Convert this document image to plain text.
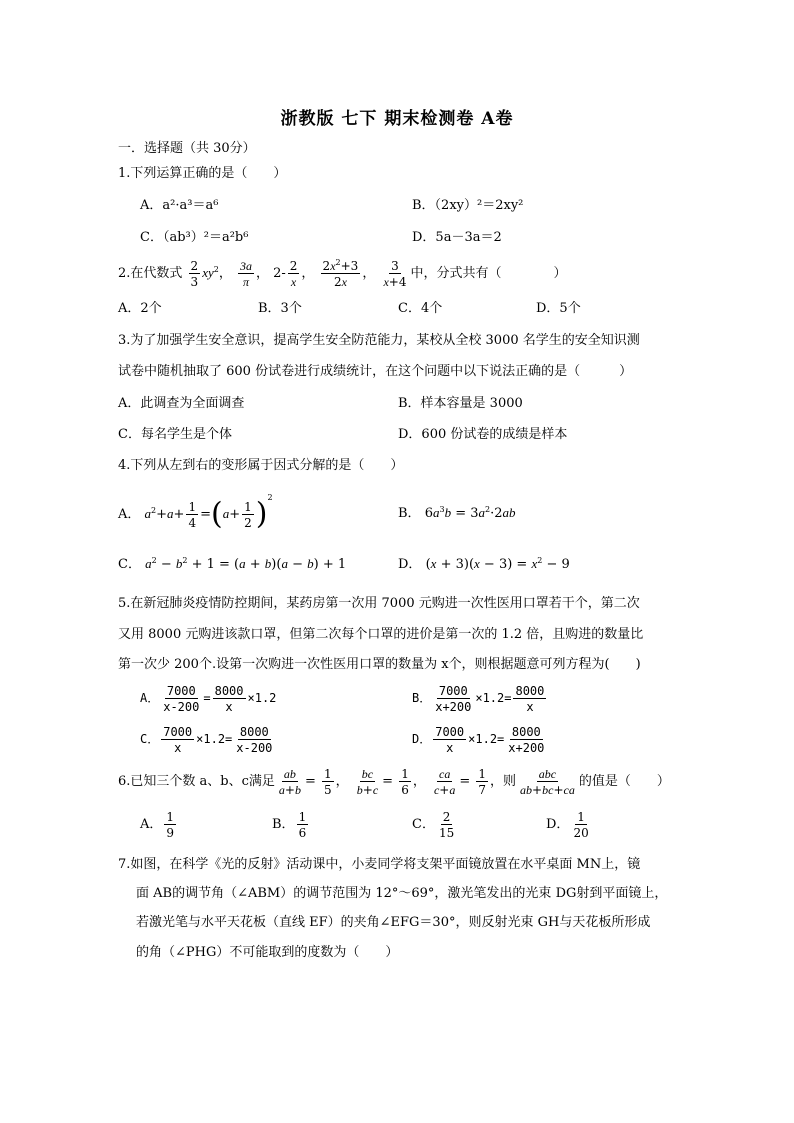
浙教版 七下 期末检测卷 A卷
一．选择题（共 30分）
1.下列运算正确的是（　　）
A．a²·a³＝a⁶	B．（2xy）²＝2xy²
C．（ab³）²＝a²b⁶	D．5a－3a＝2
2.在代数式 $\frac{2}{3} xy^2$， $\frac{3a}{\pi}$ ， $2- \frac{2}{x}$ ， $\frac{2x^2+3}{2x}$ ， $\frac{3}{x+4}$ 中，分式共有（　　　　）
A．2个	B．3个	C．4个	D．5个
3.为了加强学生安全意识，提高学生安全防范能力，某校从全校 3000 名学生的安全知识测
试卷中随机抽取了 600 份试卷进行成绩统计，在这个问题中以下说法正确的是（　　　）
A．此调查为全面调查	B．样本容量是 3000
C．每名学生是个体	D．600 份试卷的成绩是样本
4.下列从左到右的变形属于因式分解的是（　　）
A． $a^2+a+ \frac{1}{4} =(a+ \frac{1}{2} )^2$
B． $6a^3b = 3a^2\cdot 2ab$
C． $a^2 - b^2 + 1 = (a + b)(a - b) + 1$	D． $(x + 3)(x - 3) = x^2 - 9$
5.在新冠肺炎疫情防控期间，某药房第一次用 7000 元购进一次性医用口罩若干个，第二次
又用 8000 元购进该款口罩，但第二次每个口罩的进价是第一次的 1.2 倍，且购进的数量比
第一次少 200个.设第一次购进一次性医用口罩的数量为 x个，则根据题意可列方程为(　　)
A． $\frac{7000}{x-200} = \frac{8000}{x} \times 1.2$	B． $\frac{7000}{x+200} \times 1.2= \frac{8000}{x}$
C． $\frac{7000}{x} \times 1.2= \frac{8000}{x-200}$	D． $\frac{7000}{x} \times 1.2= \frac{8000}{x+200}$
6.已知三个数 a、b、c满足 $\frac{ab}{a+b} = \frac{1}{5}$ ， $\frac{bc}{b+c} = \frac{1}{6}$ ， $\frac{ca}{c+a} = \frac{1}{7}$ ，则 $\frac{\text{abc}}{ab+bc+ca}$ 的值是（　　）
A． $\frac{1}{9}$	B． $\frac{1}{6}$	C． $\frac{2}{15}$	D． $\frac{1}{20}$
7.如图，在科学《光的反射》活动课中，小麦同学将支架平面镜放置在水平桌面 MN上，镜
面 AB的调节角（∠ABM）的调节范围为 12°～69°，激光笔发出的光束 DG射到平面镜上，
若激光笔与水平天花板（直线 EF）的夹角∠EFG＝30°，则反射光束 GH与天花板所形成
的角（∠PHG）不可能取到的度数为（　　）
